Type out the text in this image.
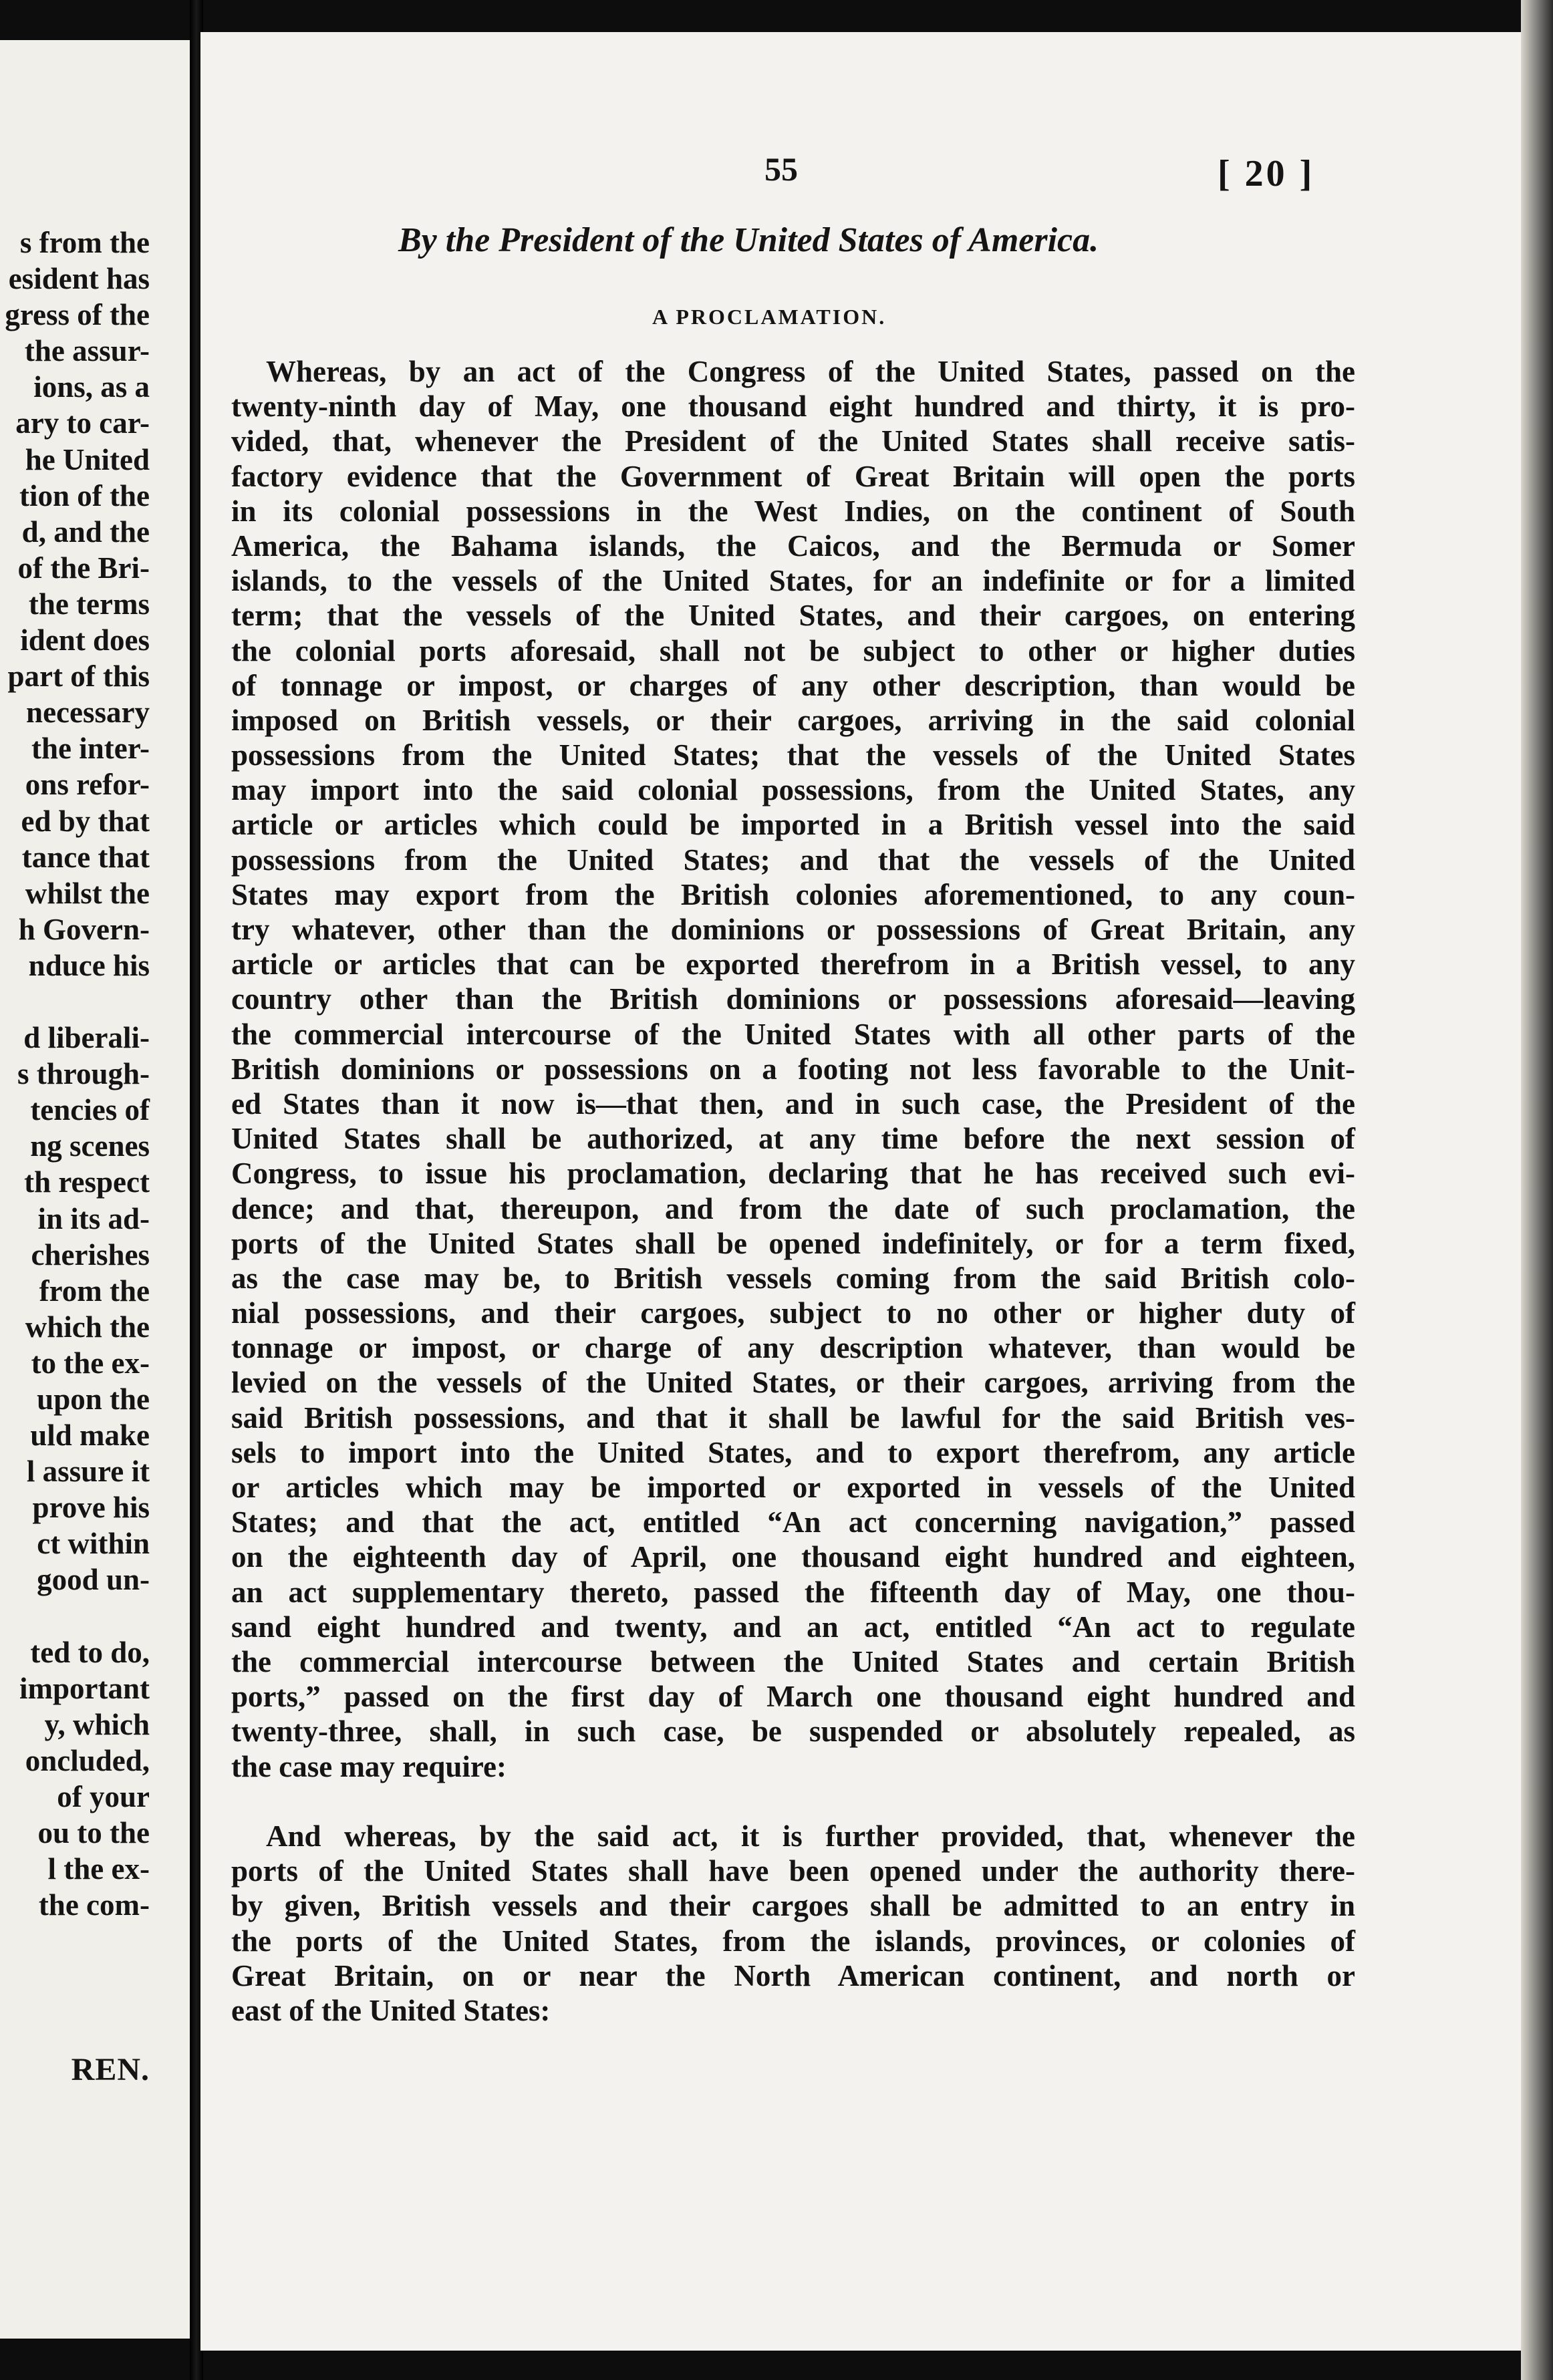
s from the
esident has
gress of the
the assur-
ions, as a
ary to car-
he United
tion of the
d, and the
of the Bri-
the terms
ident does
part of this
necessary
the inter-
ons refor-
ed by that
tance that
whilst the
h Govern-
nduce his
d liberali-
s through-
tencies of
ng scenes
th respect
in its ad-
cherishes
from the
which the
to the ex-
upon the
uld make
l assure it
prove his
ct within
good un-
ted to do,
important
y, which
oncluded,
of your
ou to the
l the ex-
the com-
REN.
55	[ 20 ]
By the President of the United States of America.
A PROCLAMATION.
Whereas, by an act of the Congress of the United States, passed on the
twenty-ninth day of May, one thousand eight hundred and thirty, it is pro-
vided, that, whenever the President of the United States shall receive satis-
factory evidence that the Government of Great Britain will open the ports
in its colonial possessions in the West Indies, on the continent of South
America, the Bahama islands, the Caicos, and the Bermuda or Somer
islands, to the vessels of the United States, for an indefinite or for a limited
term; that the vessels of the United States, and their cargoes, on entering
the colonial ports aforesaid, shall not be subject to other or higher duties
of tonnage or impost, or charges of any other description, than would be
imposed on British vessels, or their cargoes, arriving in the said colonial
possessions from the United States; that the vessels of the United States
may import into the said colonial possessions, from the United States, any
article or articles which could be imported in a British vessel into the said
possessions from the United States; and that the vessels of the United
States may export from the British colonies aforementioned, to any coun-
try whatever, other than the dominions or possessions of Great Britain, any
article or articles that can be exported therefrom in a British vessel, to any
country other than the British dominions or possessions aforesaid—leaving
the commercial intercourse of the United States with all other parts of the
British dominions or possessions on a footing not less favorable to the Unit-
ed States than it now is—that then, and in such case, the President of the
United States shall be authorized, at any time before the next session of
Congress, to issue his proclamation, declaring that he has received such evi-
dence; and that, thereupon, and from the date of such proclamation, the
ports of the United States shall be opened indefinitely, or for a term fixed,
as the case may be, to British vessels coming from the said British colo-
nial possessions, and their cargoes, subject to no other or higher duty of
tonnage or impost, or charge of any description whatever, than would be
levied on the vessels of the United States, or their cargoes, arriving from the
said British possessions, and that it shall be lawful for the said British ves-
sels to import into the United States, and to export therefrom, any article
or articles which may be imported or exported in vessels of the United
States; and that the act, entitled “An act concerning navigation,” passed
on the eighteenth day of April, one thousand eight hundred and eighteen,
an act supplementary thereto, passed the fifteenth day of May, one thou-
sand eight hundred and twenty, and an act, entitled “An act to regulate
the commercial intercourse between the United States and certain British
ports,” passed on the first day of March one thousand eight hundred and
twenty-three, shall, in such case, be suspended or absolutely repealed, as
the case may require:
And whereas, by the said act, it is further provided, that, whenever the
ports of the United States shall have been opened under the authority there-
by given, British vessels and their cargoes shall be admitted to an entry in
the ports of the United States, from the islands, provinces, or colonies of
Great Britain, on or near the North American continent, and north or
east of the United States:
